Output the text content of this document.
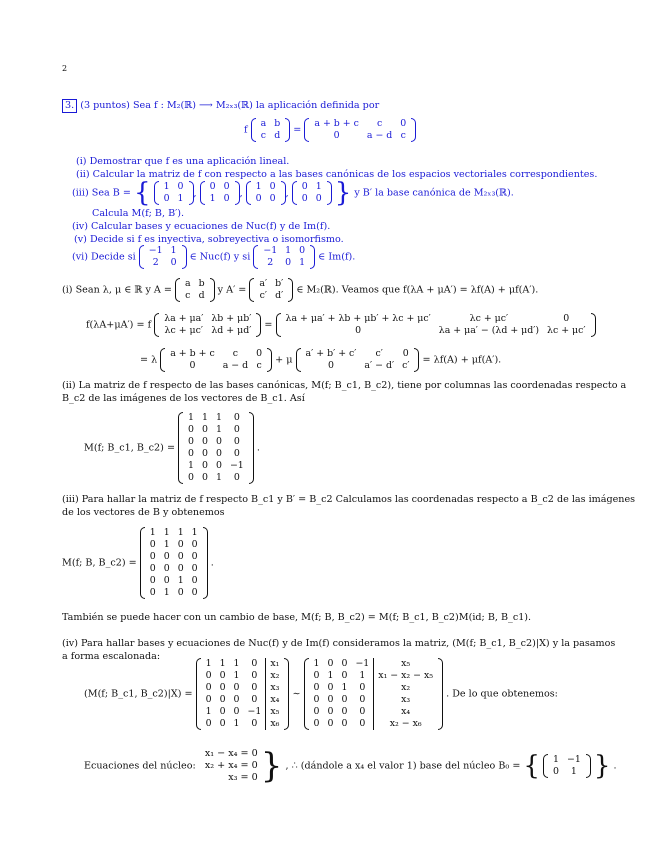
2
3. (3 puntos) Sea f : M₂(ℝ) ⟶ M₂ₓ₃(ℝ) la aplicación definida por
f
a	b
c	d =
a + b + c	c	0
0	a − d	c
(i) Demostrar que f es una aplicación lineal.
(ii) Calcular la matriz de f con respecto a las bases canónicas de los espacios vectoriales correspondientes.
(iii) Sea B = { 1	0
0	1 ,
0	0
1	0 ,
1	0
0	0 ,
0	1
0	0 } y B′ la base canónica de M₂ₓ₃(ℝ).
Calcula M(f; B, B′).
(iv) Calcular bases y ecuaciones de Nuc(f) y de Im(f).
(v) Decide si f es inyectiva, sobreyectiva o isomorfismo.
(vi) Decide si
−1	1
2	0 ∈ Nuc(f) y si
−1	1	0
2	0	1 ∈ Im(f).
(i) Sean λ, μ ∈ ℝ y A =
a	b
c	d y A′ =
a′	b′
c′	d′ ∈ M₂(ℝ). Veamos que f(λA + μA′) = λf(A) + μf(A′).
f(λA+μA′) = f
λa + μa′	λb + μb′
λc + μc′	λd + μd′ =
λa + μa′ + λb + μb′ + λc + μc′	λc + μc′	0
0	λa + μa′ − (λd + μd′)	λc + μc′
= λ
a + b + c	c	0
0	a − d	c + μ
a′ + b′ + c′	c′	0
0	a′ − d′	c′ = λf(A) + μf(A′).
(ii) La matriz de f respecto de las bases canónicas, M(f; B_c1, B_c2), tiene por columnas las coordenadas respecto a
B_c2 de las imágenes de los vectores de B_c1. Así
M(f; B_c1, B_c2) =
1	1	1	0
0	0	1	0
0	0	0	0
0	0	0	0
1	0	0	−1
0	0	1	0
.
(iii) Para hallar la matriz de f respecto B_c1 y B′ = B_c2 Calculamos las coordenadas respecto a B_c2 de las imágenes
de los vectores de B y obtenemos
M(f; B, B_c2) =
1	1	1	1
0	1	0	0
0	0	0	0
0	0	0	0
0	0	1	0
0	1	0	0
.
También se puede hacer con un cambio de base, M(f; B, B_c2) = M(f; B_c1, B_c2)M(id; B, B_c1).
(iv) Para hallar bases y ecuaciones de Nuc(f) y de Im(f) consideramos la matriz, (M(f; B_c1, B_c2)|X) y la pasamos
a forma escalonada:
(M(f; B_c1, B_c2)|X) =
1	1	1	0	x₁
0	0	1	0	x₂
0	0	0	0	x₃
0	0	0	0	x₄
1	0	0	−1	x₅
0	0	1	0	x₆
∼
1	0	0	−1	x₅
0	1	0	1	x₁ − x₂ − x₅
0	0	1	0	x₂
0	0	0	0	x₃
0	0	0	0	x₄
0	0	0	0	x₂ − x₆
. De lo que obtenemos:
Ecuaciones del núcleo:
x₁ − x₄ = 0
x₂ + x₄ = 0
x₃ = 0 } , ∴ (dándole a x₄ el valor 1) base del núcleo B₀ = { 1	−1
0	1 } .
